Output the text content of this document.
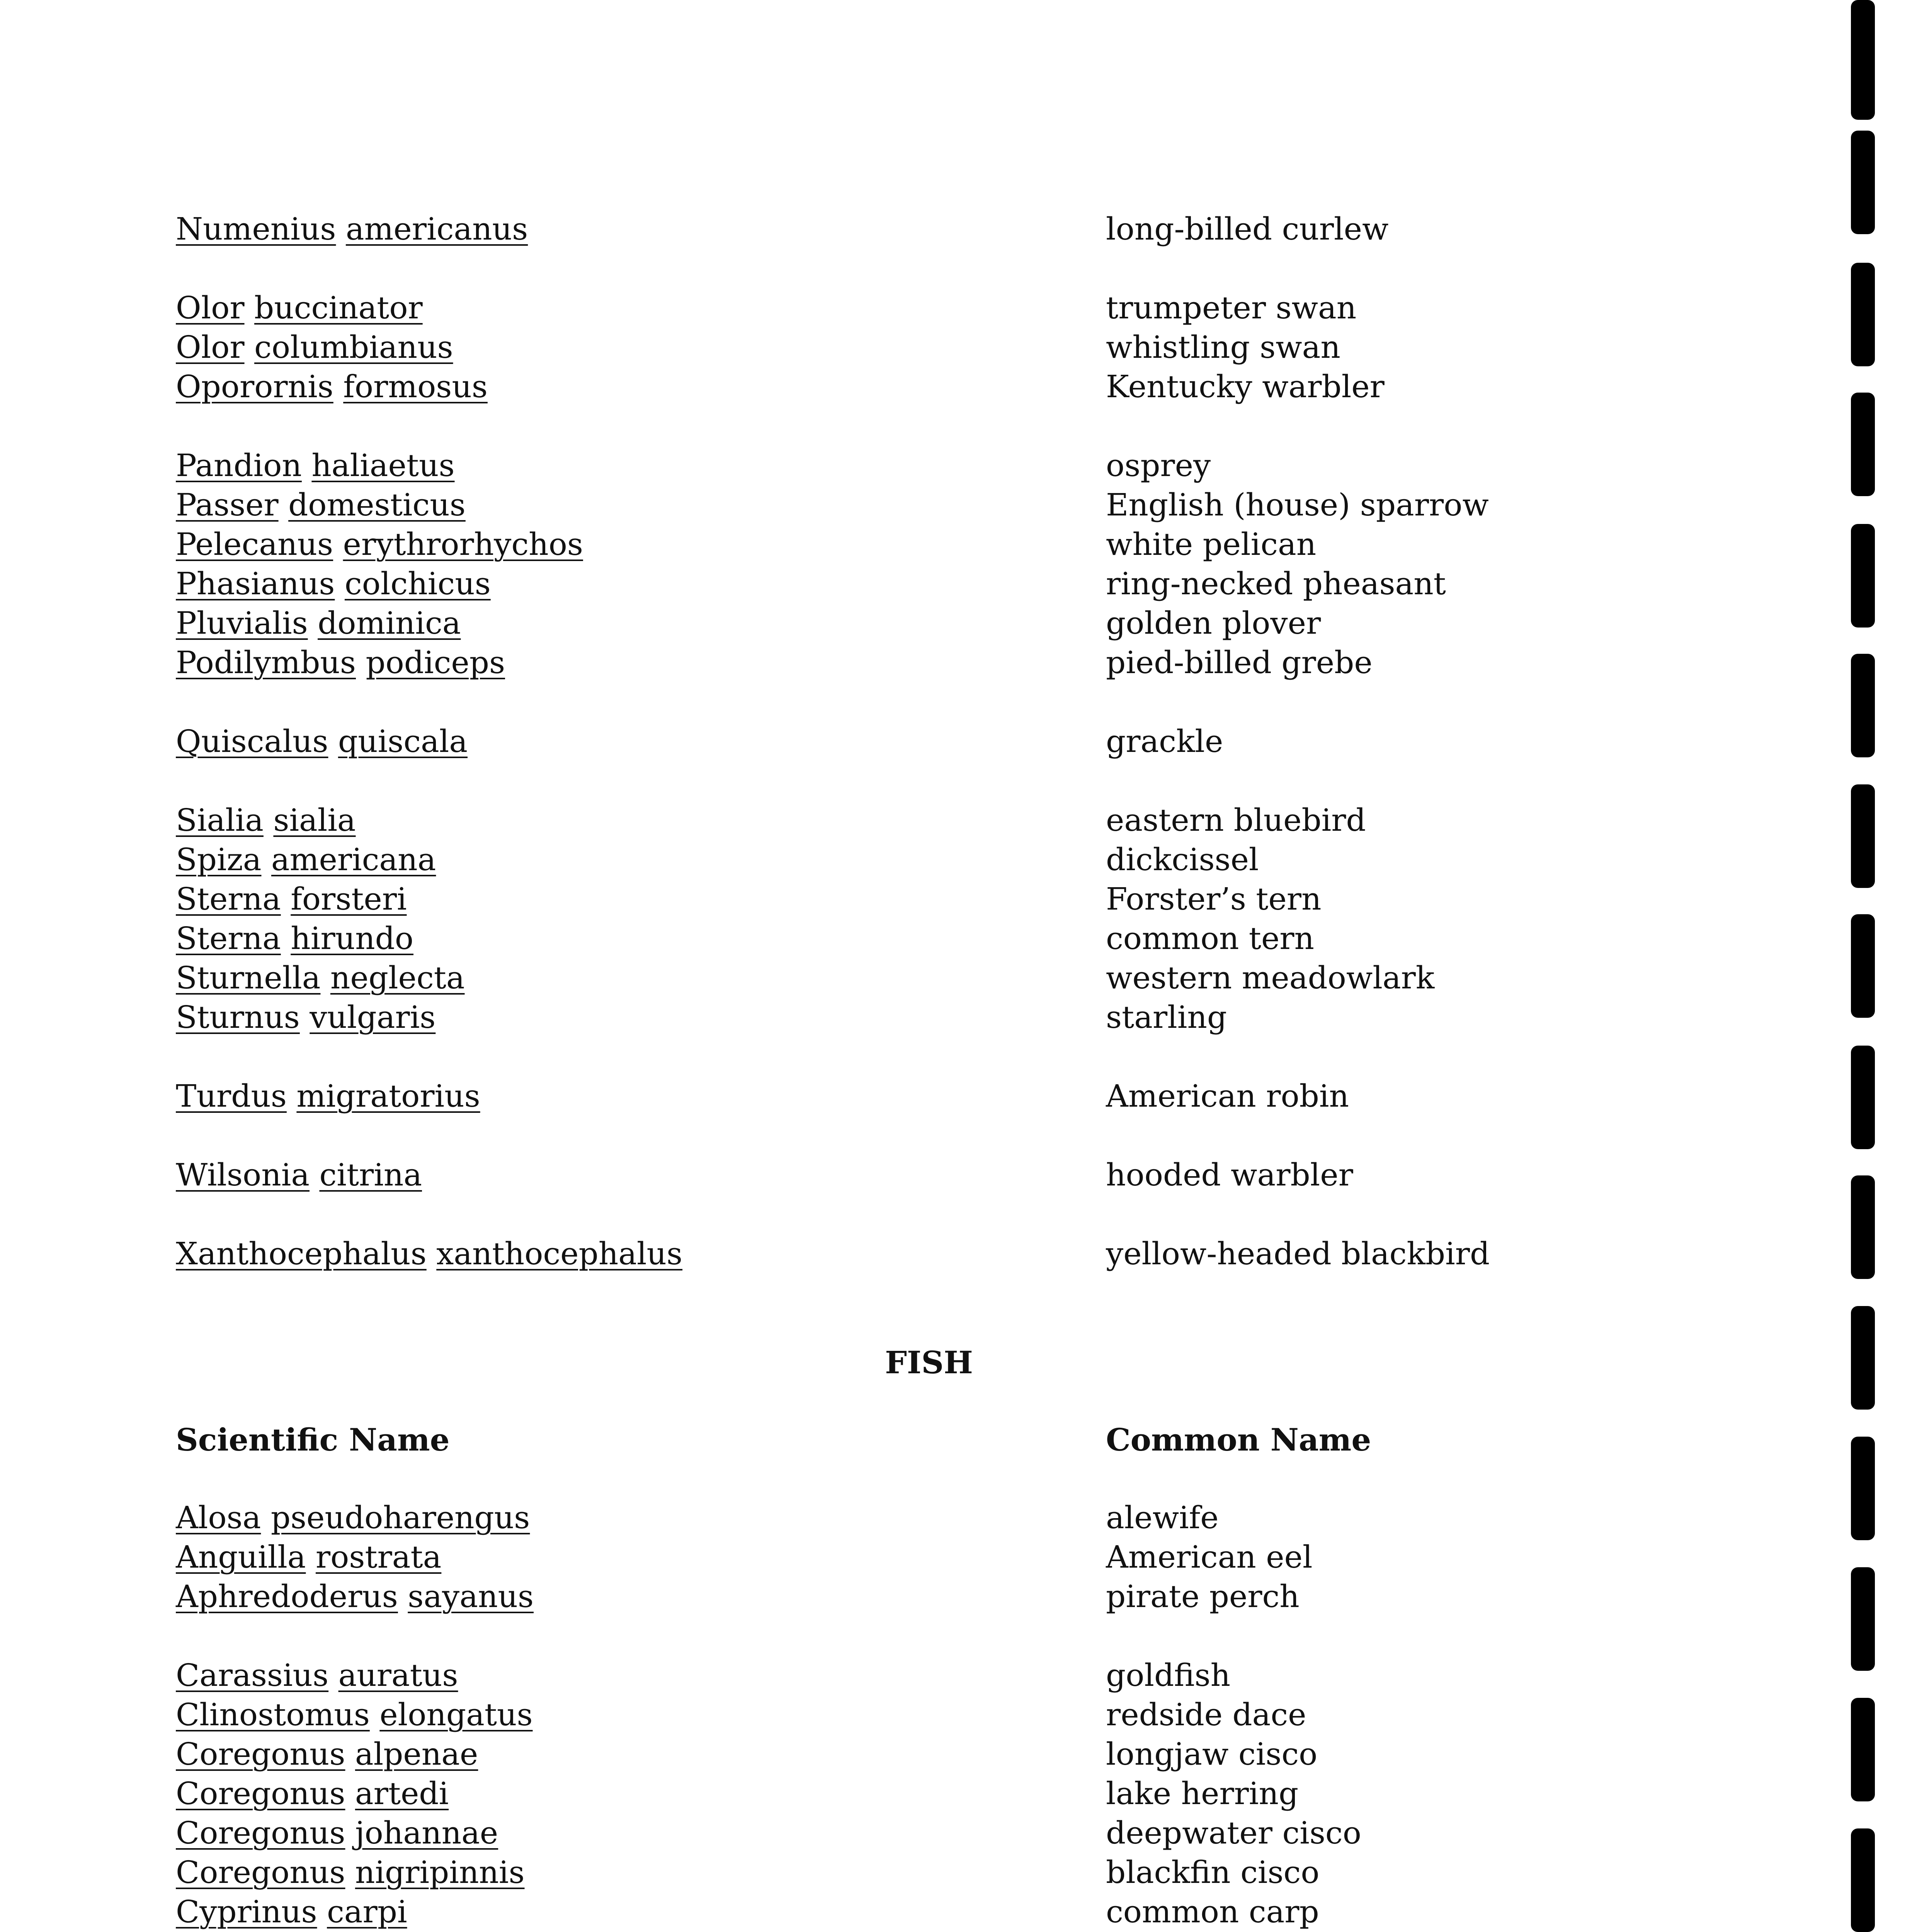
Numenius americanus	long-billed curlew
Olor buccinator	trumpeter swan
Olor columbianus	whistling swan
Oporornis formosus	Kentucky warbler
Pandion haliaetus	osprey
Passer domesticus	English (house) sparrow
Pelecanus erythrorhychos	white pelican
Phasianus colchicus	ring-necked pheasant
Pluvialis dominica	golden plover
Podilymbus podiceps	pied-billed grebe
Quiscalus quiscala	grackle
Sialia sialia	eastern bluebird
Spiza americana	dickcissel
Sterna forsteri	Forster’s tern
Sterna hirundo	common tern
Sturnella neglecta	western meadowlark
Sturnus vulgaris	starling
Turdus migratorius	American robin
Wilsonia citrina	hooded warbler
Xanthocephalus xanthocephalus	yellow-headed blackbird
FISH
Scientific Name	Common Name
Alosa pseudoharengus	alewife
Anguilla rostrata	American eel
Aphredoderus sayanus	pirate perch
Carassius auratus	goldfish
Clinostomus elongatus	redside dace
Coregonus alpenae	longjaw cisco
Coregonus artedi	lake herring
Coregonus johannae	deepwater cisco
Coregonus nigripinnis	blackfin cisco
Cyprinus carpi	common carp
